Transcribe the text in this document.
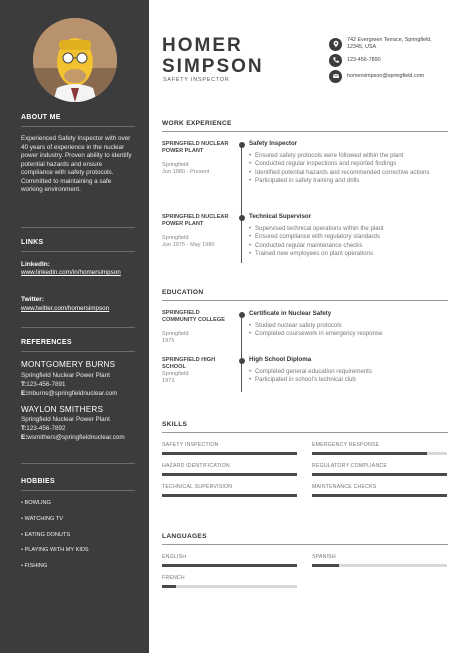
ABOUT ME
Experienced Safety Inspector with over 40 years of experience in the nuclear power industry. Proven ability to identify potential hazards and ensure compliance with safety protocols. Committed to maintaining a safe working environment.
LINKS
LinkedIn:
www.linkedin.com/in/homersimpson
Twitter:
www.twitter.com/homersimpson
REFERENCES
MONTGOMERY BURNS
Springfield Nuclear Power Plant
T:123-456-7891
E:mburns@springfieldnuclear.com
WAYLON SMITHERS
Springfield Nuclear Power Plant
T:123-456-7892
E:wsmithers@springfieldnuclear.com
HOBBIES
• BOWLING
• WATCHING TV
• EATING DONUTS
• PLAYING WITH MY KIDS
• FISHING
HOMER
SIMPSON
SAFETY INSPECTOR
742 Evergreen Terrace, Springfield, 12345, USA
123-456-7890
homersimpson@springfield.com
WORK EXPERIENCE
SPRINGFIELD NUCLEAR POWER PLANT
Springfield
Jun 1980 - Present
Safety Inspector
• Ensured safety protocols were followed within the plant
• Conducted regular inspections and reported findings
• Identified potential hazards and recommended corrective actions
• Participated in safety training and drills
SPRINGFIELD NUCLEAR POWER PLANT
Springfield
Jun 1975 - May 1980
Technical Supervisor
• Supervised technical operations within the plant
• Ensured compliance with regulatory standards
• Conducted regular maintenance checks
• Trained new employees on plant operations
EDUCATION
SPRINGFIELD COMMUNITY COLLEGE
Springfield
1975
Certificate in Nuclear Safety
• Studied nuclear safety protocols
• Completed coursework in emergency response
SPRINGFIELD HIGH SCHOOL
Springfield
1973
High School Diploma
• Completed general education requirements
• Participated in school's technical club
SKILLS
SAFETY INSPECTION	EMERGENCY RESPONSE
HAZARD IDENTIFICATION	REGULATORY COMPLIANCE
TECHNICAL SUPERVISION	MAINTENANCE CHECKS
LANGUAGES
ENGLISH	SPANISH
FRENCH
